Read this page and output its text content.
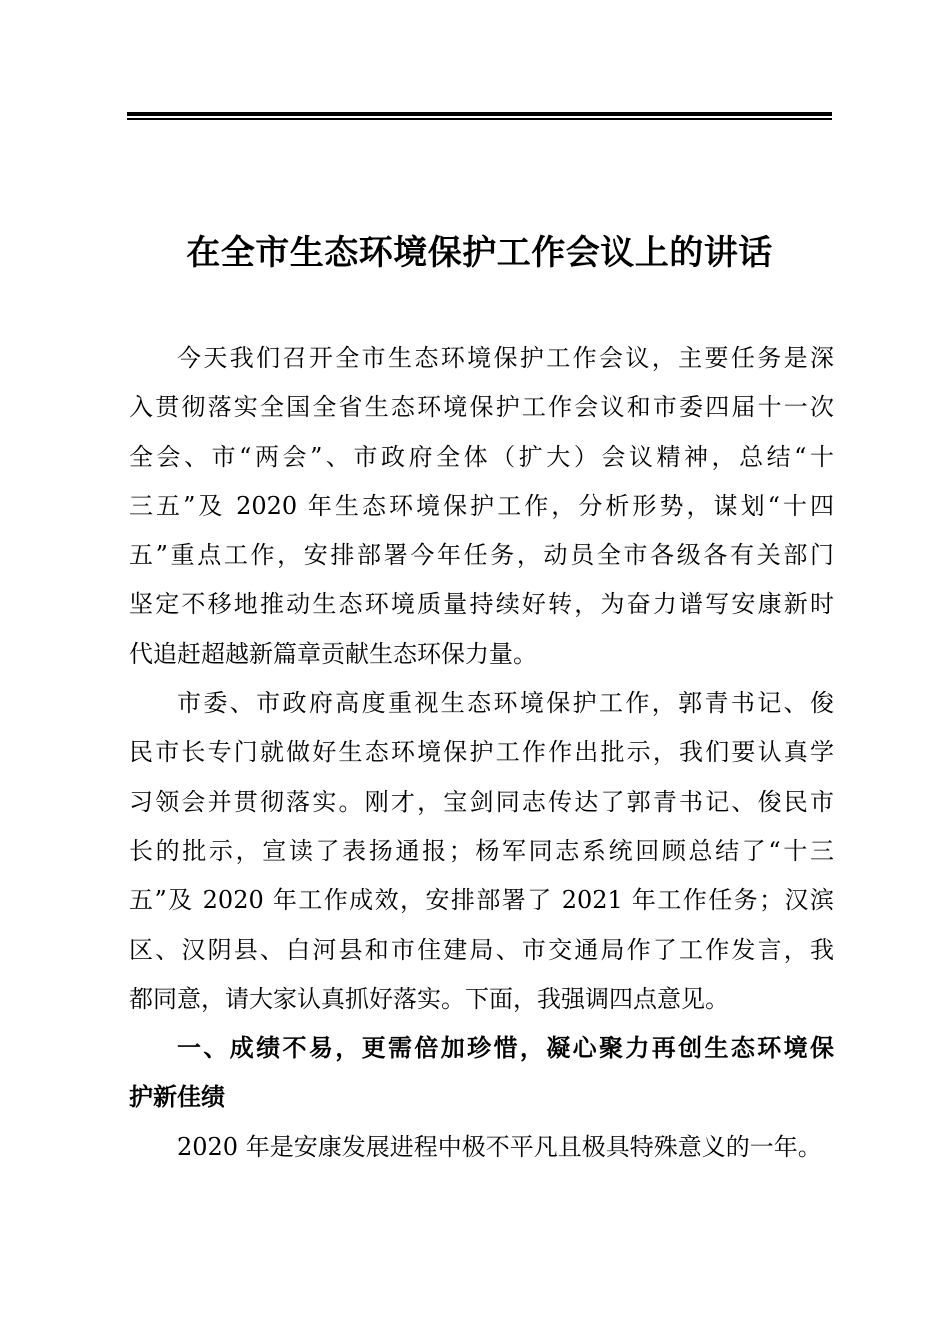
在全市生态环境保护工作会议上的讲话

今天我们召开全市生态环境保护工作会议，主要任务是深
入贯彻落实全国全省生态环境保护工作会议和市委四届十一次
全会、市“两会”、市政府全体（扩大）会议精神，总结“十
三五”及 2020 年生态环境保护工作，分析形势，谋划“十四
五”重点工作，安排部署今年任务，动员全市各级各有关部门
坚定不移地推动生态环境质量持续好转，为奋力谱写安康新时
代追赶超越新篇章贡献生态环保力量。

市委、市政府高度重视生态环境保护工作，郭青书记、俊
民市长专门就做好生态环境保护工作作出批示，我们要认真学
习领会并贯彻落实。刚才，宝剑同志传达了郭青书记、俊民市
长的批示，宣读了表扬通报；杨军同志系统回顾总结了“十三
五”及 2020 年工作成效，安排部署了 2021 年工作任务；汉滨
区、汉阴县、白河县和市住建局、市交通局作了工作发言，我
都同意，请大家认真抓好落实。下面，我强调四点意见。

一、成绩不易，更需倍加珍惜，凝心聚力再创生态环境保
护新佳绩

2020 年是安康发展进程中极不平凡且极具特殊意义的一年。
